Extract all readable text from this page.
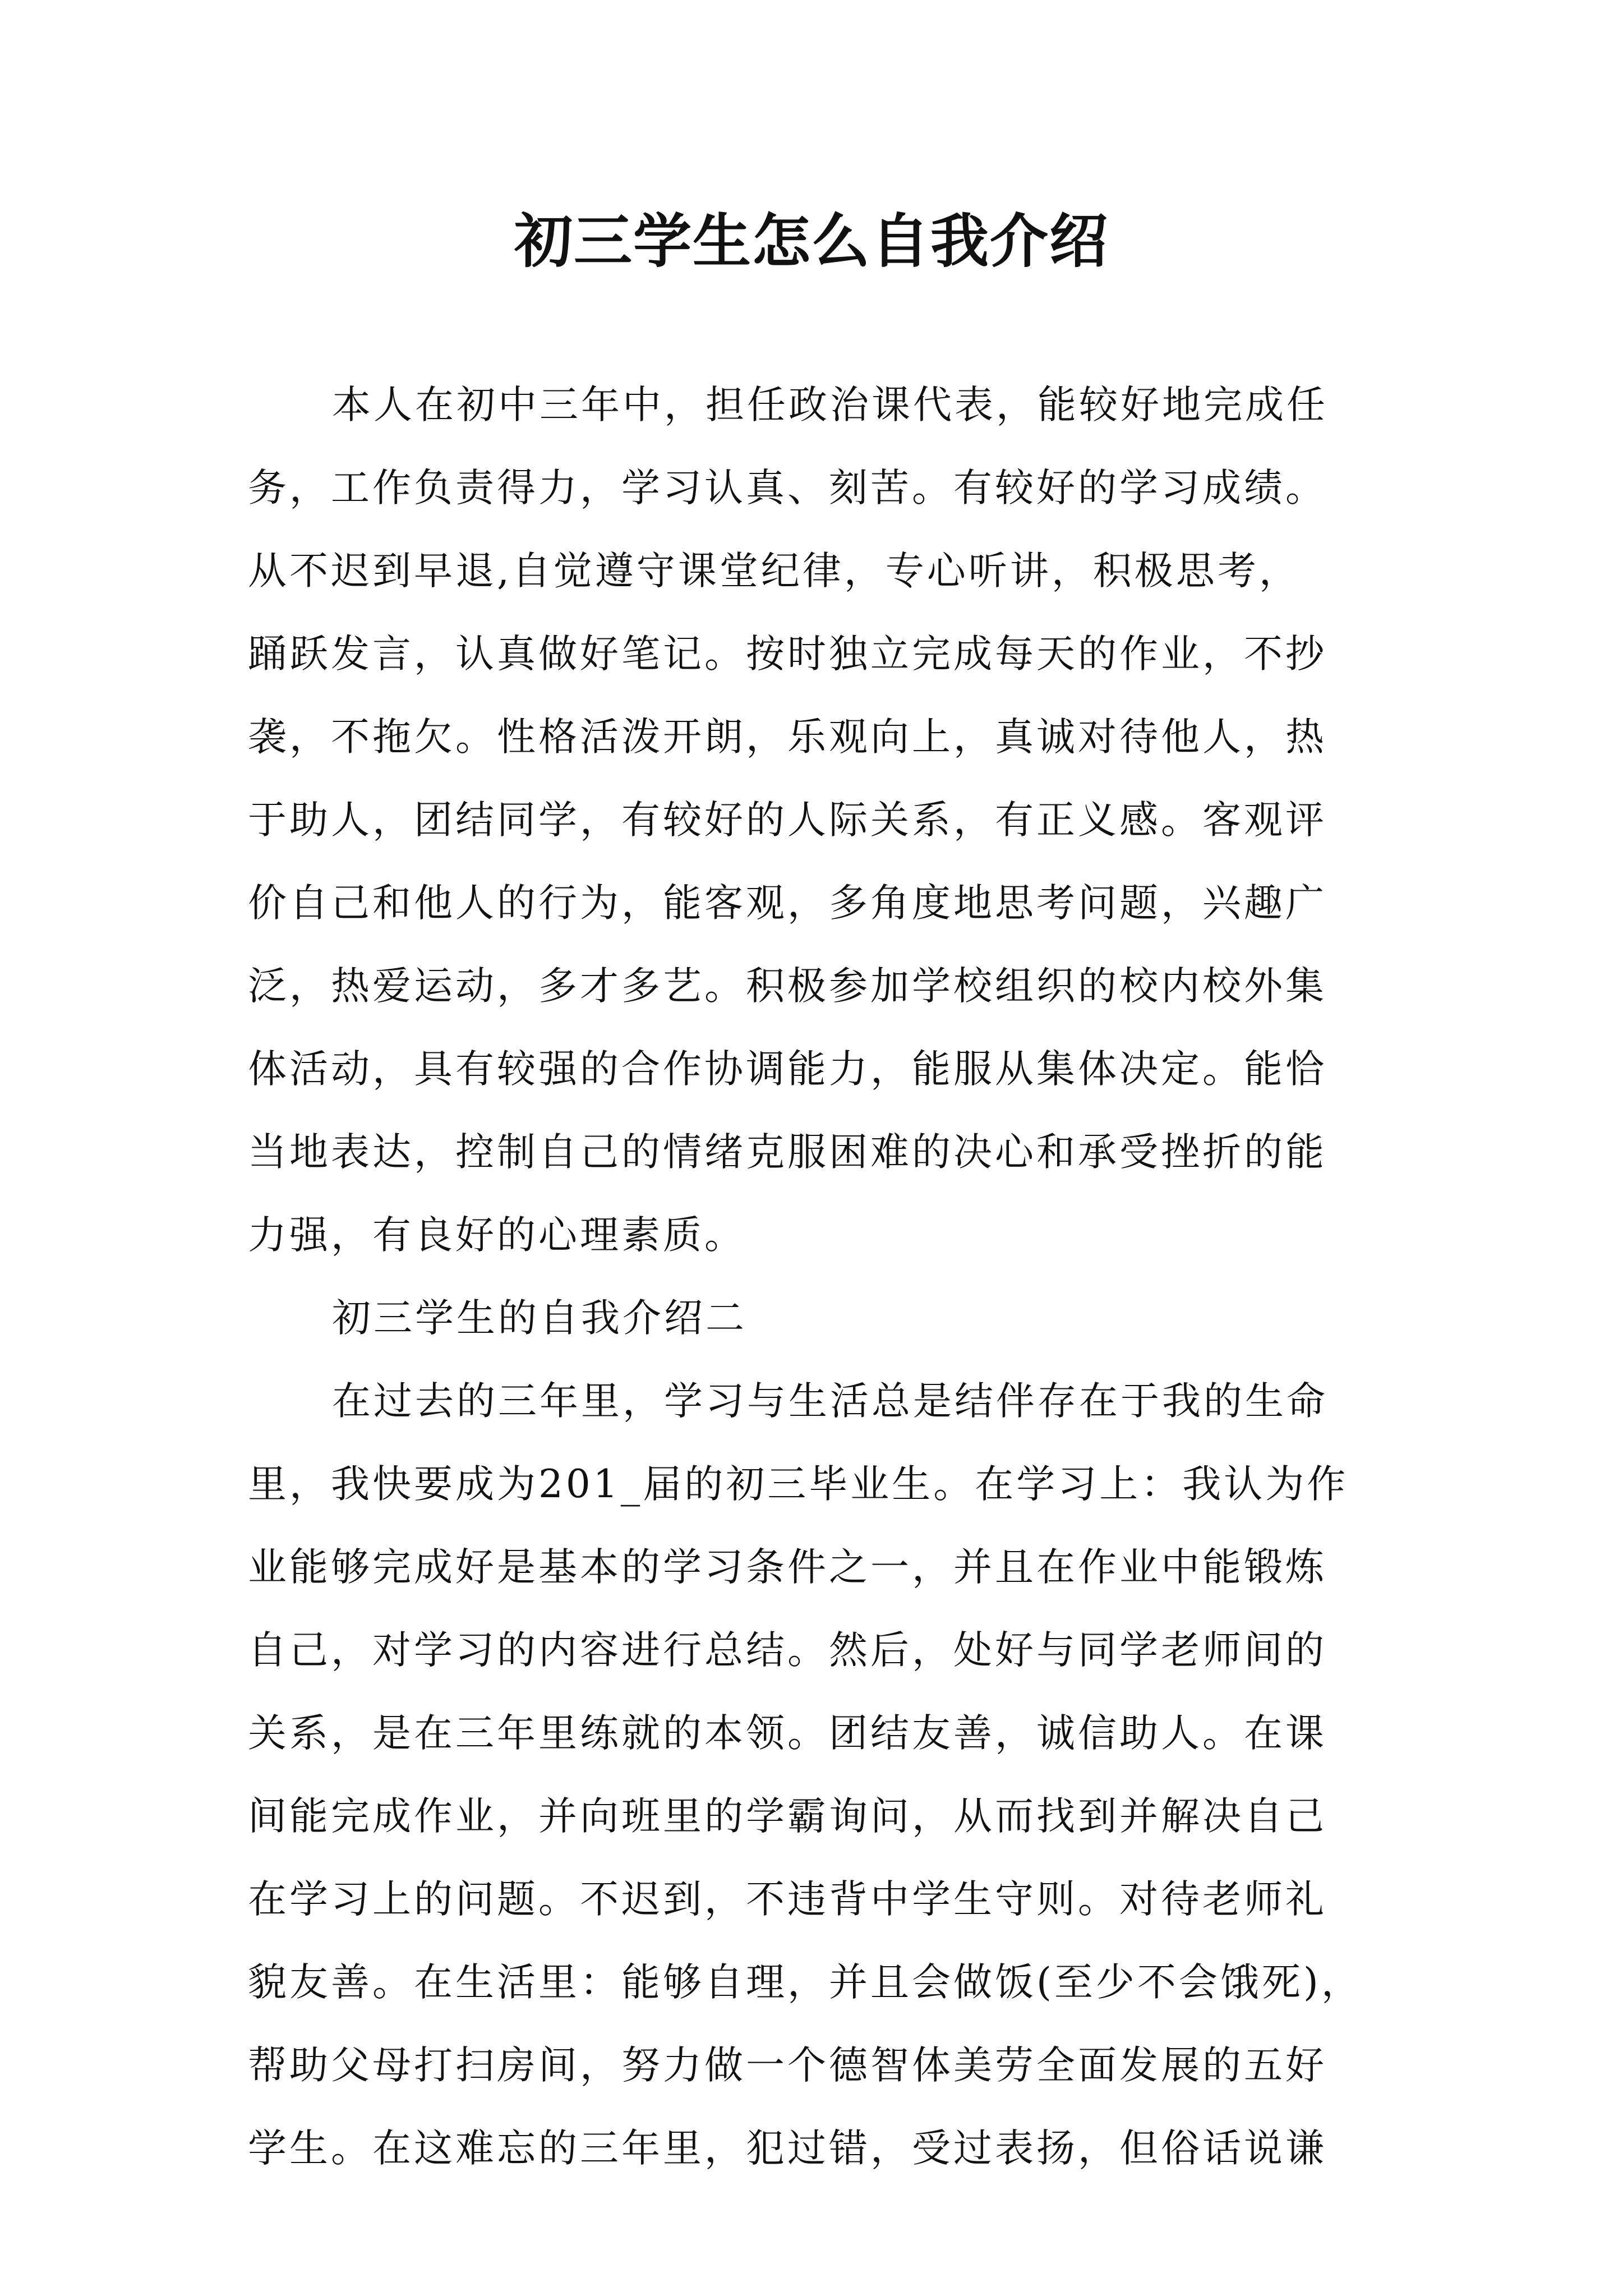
初三学生怎么自我介绍
本人在初中三年中，担任政治课代表，能较好地完成任
务，工作负责得力，学习认真、刻苦。有较好的学习成绩。
从不迟到早退,自觉遵守课堂纪律，专心听讲，积极思考，
踊跃发言，认真做好笔记。按时独立完成每天的作业，不抄
袭，不拖欠。性格活泼开朗，乐观向上，真诚对待他人，热
于助人，团结同学，有较好的人际关系，有正义感。客观评
价自己和他人的行为，能客观，多角度地思考问题，兴趣广
泛，热爱运动，多才多艺。积极参加学校组织的校内校外集
体活动，具有较强的合作协调能力，能服从集体决定。能恰
当地表达，控制自己的情绪克服困难的决心和承受挫折的能
力强，有良好的心理素质。
初三学生的自我介绍二
在过去的三年里，学习与生活总是结伴存在于我的生命
里，我快要成为201_届的初三毕业生。在学习上：我认为作
业能够完成好是基本的学习条件之一，并且在作业中能锻炼
自己，对学习的内容进行总结。然后，处好与同学老师间的
关系，是在三年里练就的本领。团结友善，诚信助人。在课
间能完成作业，并向班里的学霸询问，从而找到并解决自己
在学习上的问题。不迟到，不违背中学生守则。对待老师礼
貌友善。在生活里：能够自理，并且会做饭(至少不会饿死)，
帮助父母打扫房间，努力做一个德智体美劳全面发展的五好
学生。在这难忘的三年里，犯过错，受过表扬，但俗话说谦
